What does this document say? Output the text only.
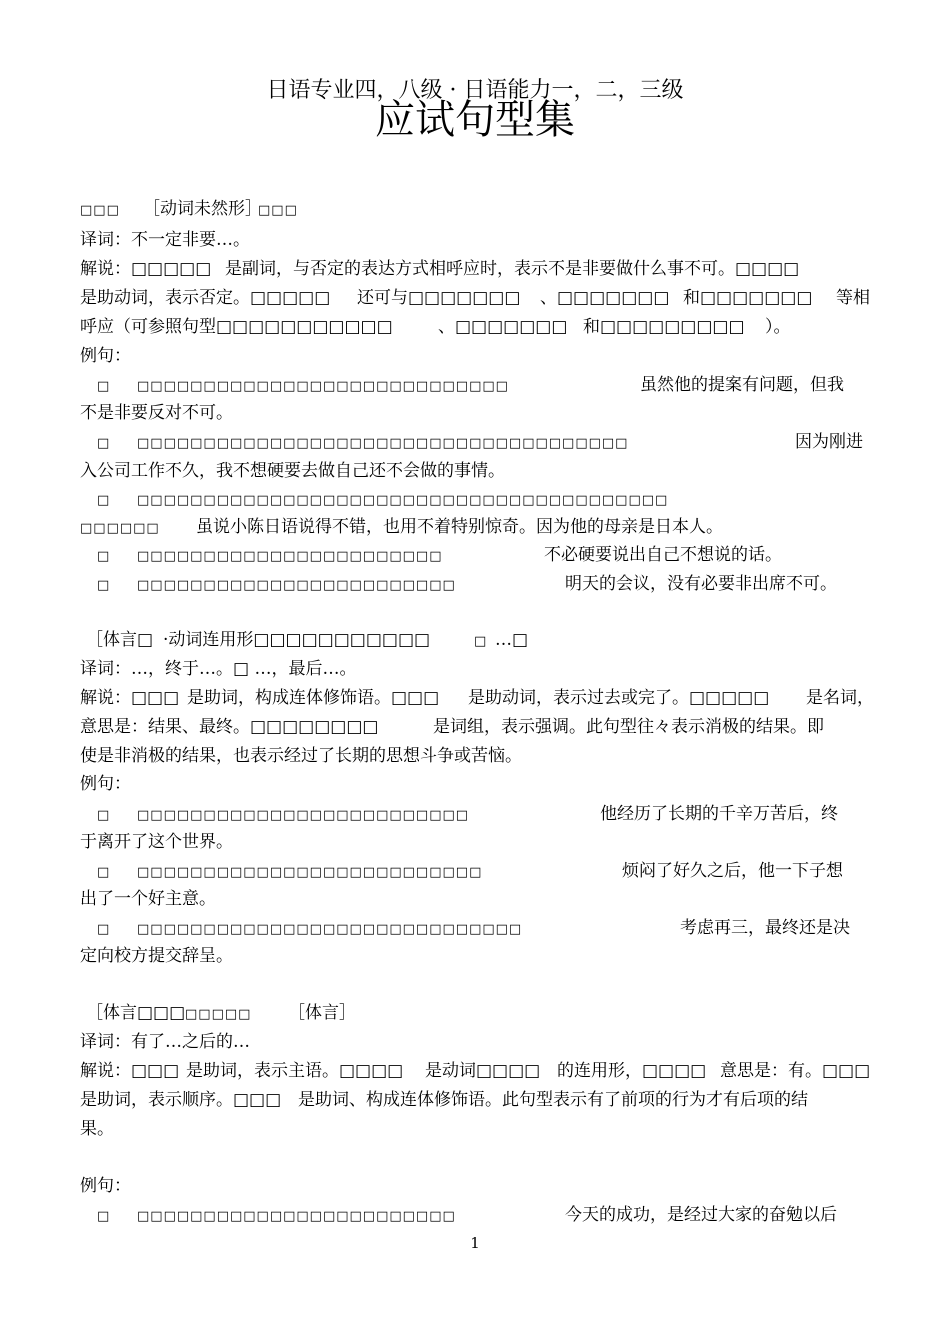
日语专业四，八级 · 日语能力一，二，三级
应试句型集
□□□ ［动词未然形］
□□□
译词：不一定非要…。
解说：□□□□□ 是副词，与否定的表达方式相呼应时，表示不是非要做什么事不可。□□□□
是助动词，表示否定。□□□□□ 还可与□□□□□□□ 、□□□□□□□ 和□□□□□□□ 等相
呼应（可参照句型□□□□□□□□□□□	、□□□□□□□ 和□□□□□□□□□ ）。
例句：
□ □□□□□□□□□□□□□□□□□□□□□□□□□□□□	虽然他的提案有问题，但我
不是非要反对不可。
□ □□□□□□□□□□□□□□□□□□□□□□□□□□□□□□□□□□□□□	因为刚进
入公司工作不久，我不想硬要去做自己还不会做的事情。
□ □□□□□□□□□□□□□□□□□□□□□□□□□□□□□□□□□□□□□□□□
□□□□□□ 虽说小陈日语说得不错，也用不着特别惊奇。因为他的母亲是日本人。
□ □□□□□□□□□□□□□□□□□□□□□□□	不必硬要说出自己不想说的话。
□ □□□□□□□□□□□□□□□□□□□□□□□□	明天的会议，没有必要非出席不可。
［体言□ ·动词连用形□□□□□□□□□□□	□ …□
译词：…，终于…。□ …，最后…。
解说：□□□ 是助词，构成连体修饰语。□□□ 是助动词，表示过去或完了。□□□□□ 是名词，
意思是：结果、最终。□□□□□□□□	是词组，表示强调。此句型往々表示消极的结果。即
使是非消极的结果，也表示经过了长期的思想斗争或苦恼。
例句：
□ □□□□□□□□□□□□□□□□□□□□□□□□□	他经历了长期的千辛万苦后，终
于离开了这个世界。
□ □□□□□□□□□□□□□□□□□□□□□□□□□□	烦闷了好久之后，他一下子想
出了一个好主意。
□ □□□□□□□□□□□□□□□□□□□□□□□□□□□□□	考虑再三，最终还是决
定向校方提交辞呈。
［体言□□□ □□□□□ ［体言］
译词：有了…之后的…
解说：□□□ 是助词，表示主语。□□□□ 是动词□□□□ 的连用形，□□□□ 意思是：有。□□□
是助词，表示顺序。□□□ 是助词、构成连体修饰语。此句型表示有了前项的行为才有后项的结
果。
例句：
□ □□□□□□□□□□□□□□□□□□□□□□□□	今天的成功，是经过大家的奋勉以后
1
